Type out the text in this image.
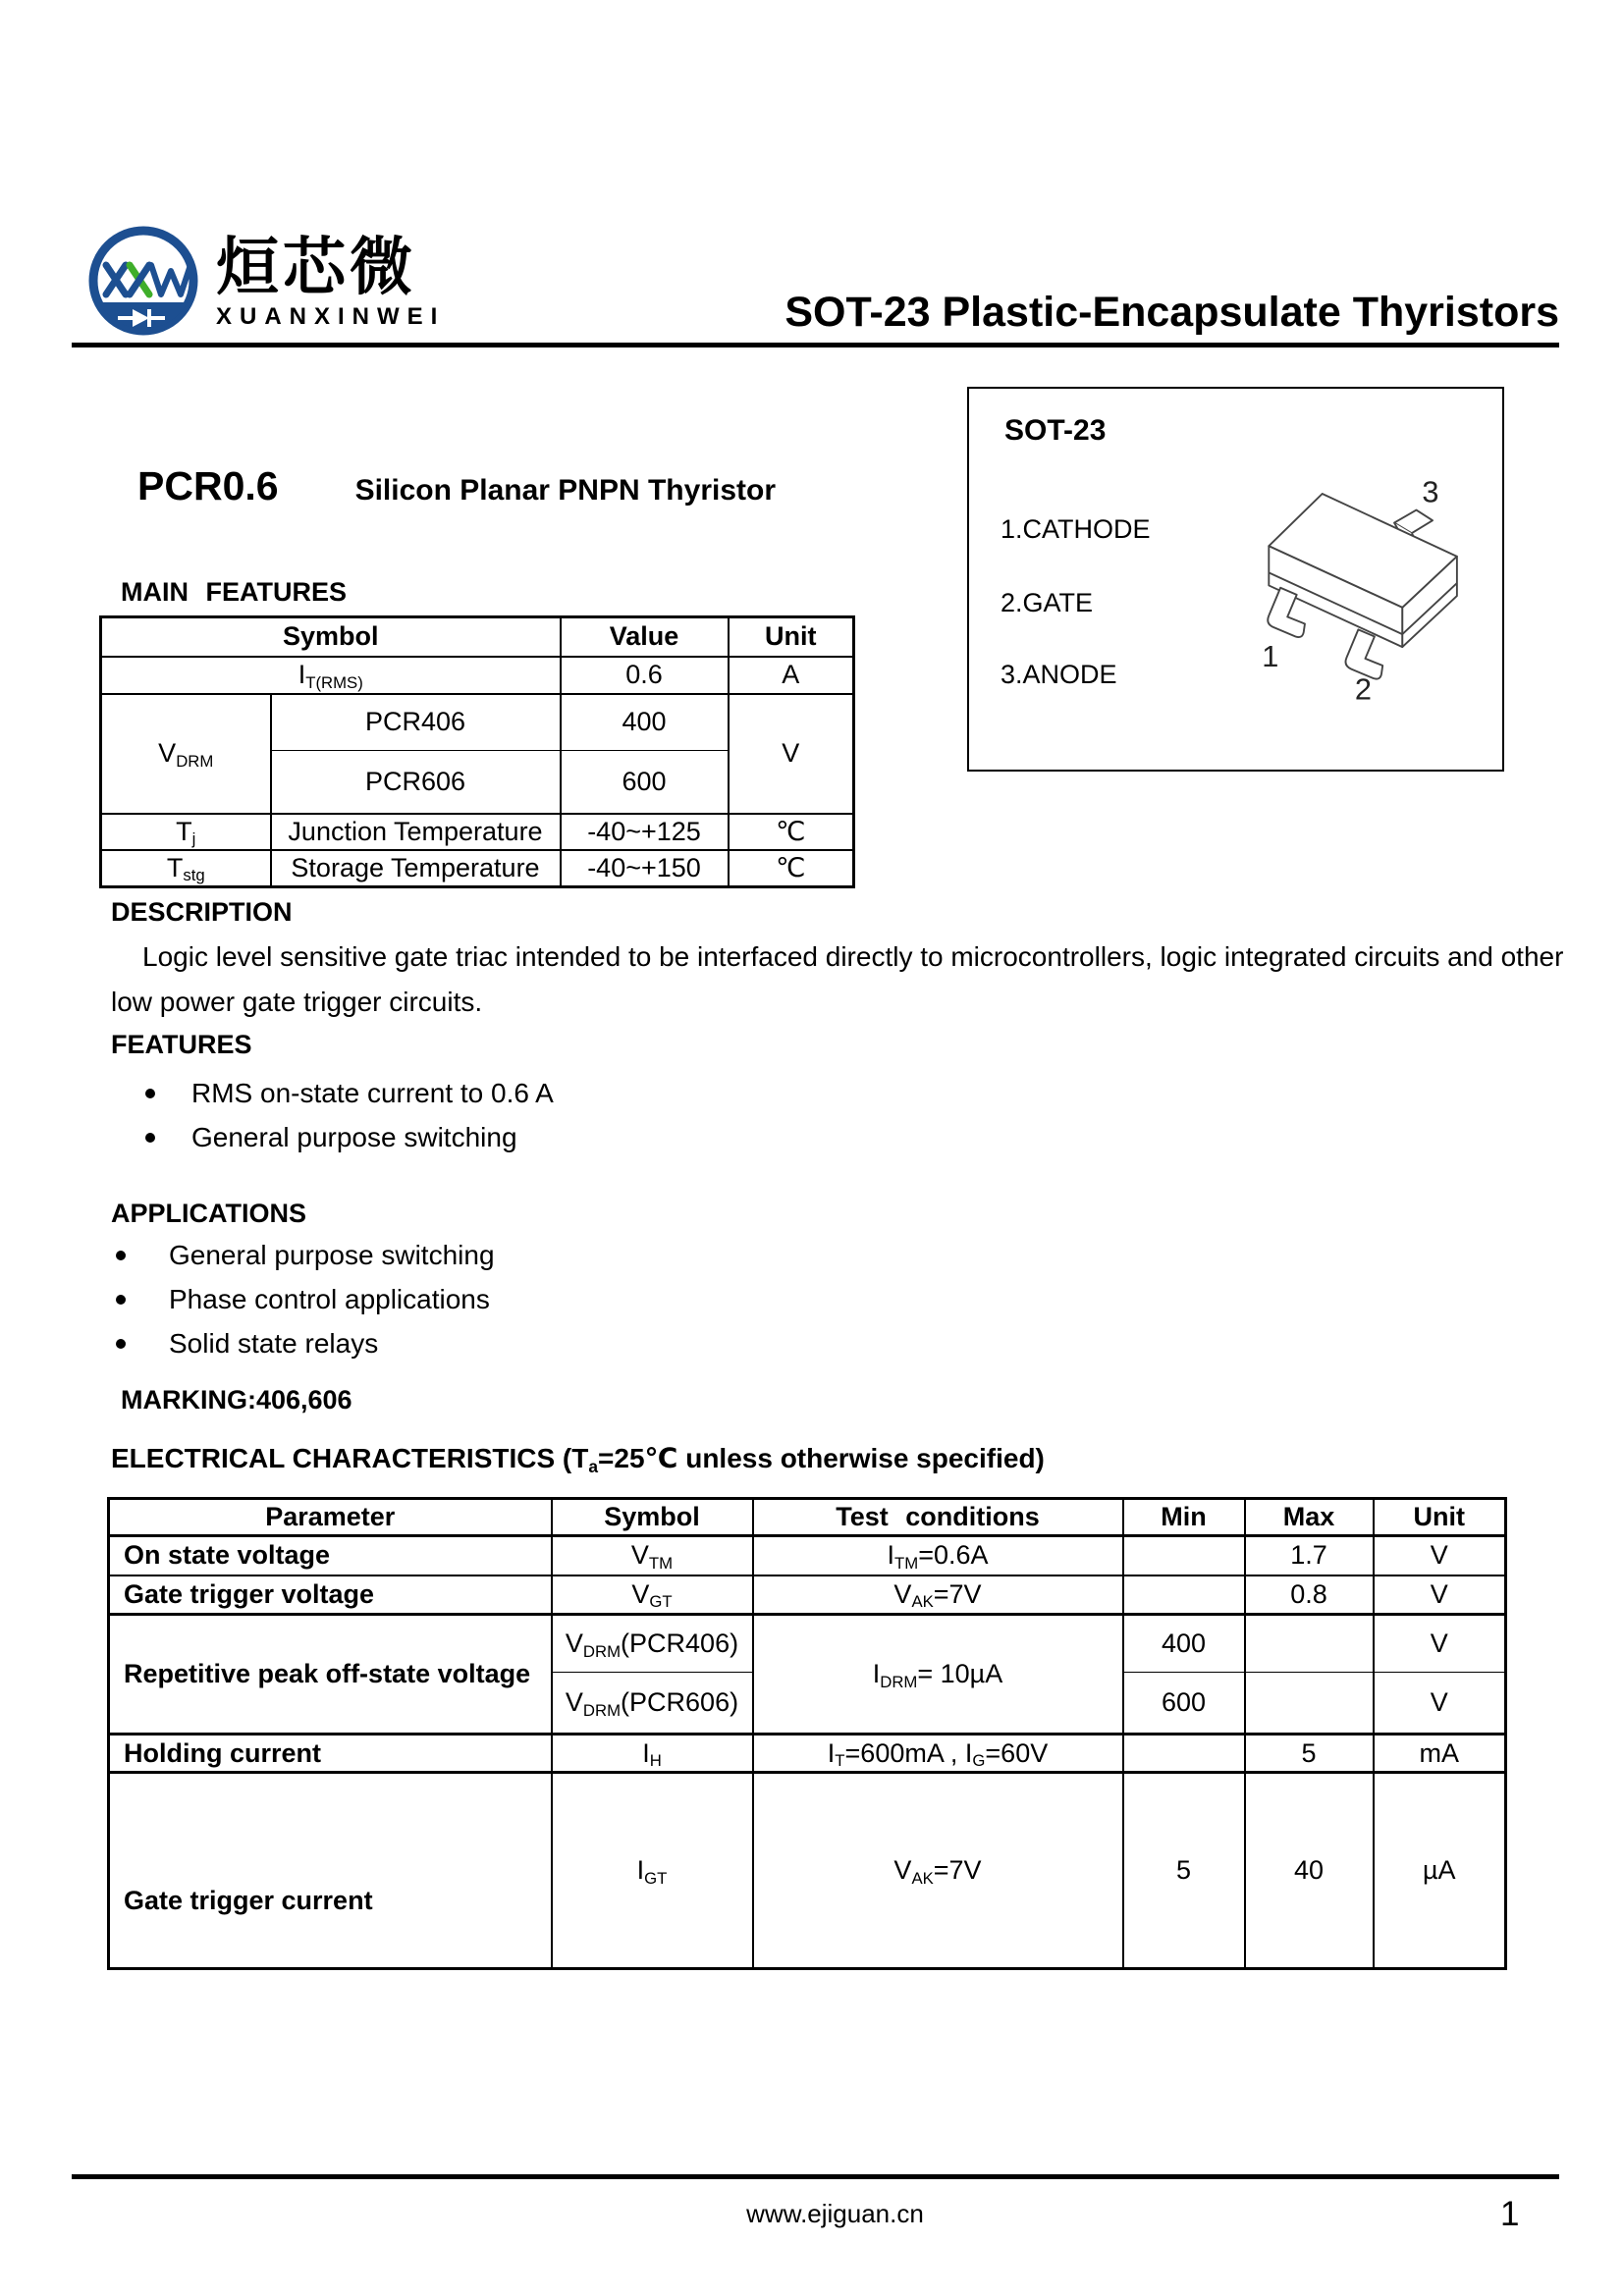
烜芯微
XUANXINWEI	SOT-23 Plastic-Encapsulate Thyristors
SOT-23
1.CATHODE
2.GATE
3.ANODE
1
2
3
PCR0.6	Silicon Planar PNPN Thyristor
MAIN FEATURES
Symbol		Value	Unit
$I_{T(RMS)}$		0.6	A
$V_{DRM}$	PCR406	400	V
	PCR606	600	
$T_j$	Junction Temperature	-40~+125	℃
$T_{stg}$	Storage Temperature	-40~+150	℃
DESCRIPTION

Logic level sensitive gate triac intended to be interfaced directly to microcontrollers, logic integrated circuits and other low power gate trigger circuits.

FEATURES
RMS on-state current to 0.6 A
General purpose switching
APPLICATIONS
General purpose switching
Phase control applications
Solid state relays
MARKING:406,606
ELECTRICAL CHARACTERISTICS ($T_a=25℃$ unless otherwise specified)
Parameter	Symbol	Test conditions	Min	Max	Unit
On state voltage	$V_{TM}$	$I_{TM}=0.6A$		1.7	V
Gate trigger voltage	$V_{GT}$	$V_{AK}=7V$		0.8	V
Repetitive peak off-state voltage	$V_{DRM}(PCR406)$	$I_{DRM}= 10\mu A$	400		V
	$V_{DRM}(PCR606)$		600		V
Holding current	$I_H$	$I_T=600mA$ , $I_G=60V$		5	mA
Gate trigger current	$I_{GT}$	$V_{AK}=7V$	5	40	µA
www.ejiguan.cn	1
